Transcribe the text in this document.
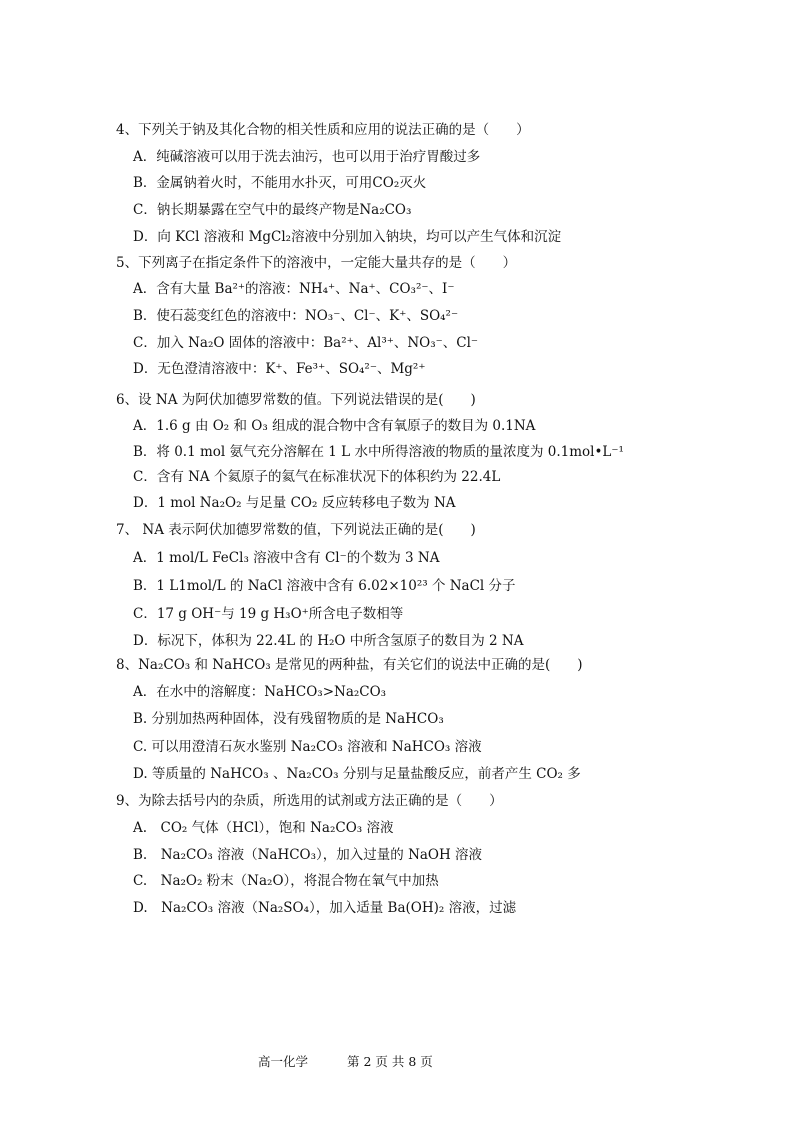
4、下列关于钠及其化合物的相关性质和应用的说法正确的是（　　）
A．纯碱溶液可以用于洗去油污，也可以用于治疗胃酸过多
B．金属钠着火时，不能用水扑灭，可用CO₂灭火
C．钠长期暴露在空气中的最终产物是Na₂CO₃
D．向 KCl 溶液和 MgCl₂溶液中分别加入钠块，均可以产生气体和沉淀
5、下列离子在指定条件下的溶液中，一定能大量共存的是（　　）
A．含有大量 Ba²⁺的溶液：NH₄⁺、Na⁺、CO₃²⁻、I⁻
B．使石蕊变红色的溶液中：NO₃⁻、Cl⁻、K⁺、SO₄²⁻
C．加入 Na₂O 固体的溶液中：Ba²⁺、Al³⁺、NO₃⁻、Cl⁻
D．无色澄清溶液中：K⁺、Fe³⁺、SO₄²⁻、Mg²⁺
6、设 NA 为阿伏加德罗常数的值。下列说法错误的是(　　)
A．1.6 g 由 O₂ 和 O₃ 组成的混合物中含有氧原子的数目为 0.1NA
B．将 0.1 mol 氨气充分溶解在 1 L 水中所得溶液的物质的量浓度为 0.1mol•L⁻¹
C．含有 NA 个氦原子的氦气在标准状况下的体积约为 22.4L
D．1 mol Na₂O₂ 与足量 CO₂ 反应转移电子数为 NA
7、 NA 表示阿伏加德罗常数的值，下列说法正确的是(　　)
A．1 mol/L FeCl₃ 溶液中含有 Cl⁻的个数为 3 NA
B．1 L1mol/L 的 NaCl 溶液中含有 6.02×10²³ 个 NaCl 分子
C．17 g OH⁻与 19 g H₃O⁺所含电子数相等
D．标况下，体积为 22.4L 的 H₂O 中所含氢原子的数目为 2 NA
8、Na₂CO₃ 和 NaHCO₃ 是常见的两种盐，有关它们的说法中正确的是(　　)
A．在水中的溶解度：NaHCO₃>Na₂CO₃
B. 分别加热两种固体，没有残留物质的是 NaHCO₃
C. 可以用澄清石灰水鉴别 Na₂CO₃ 溶液和 NaHCO₃ 溶液
D. 等质量的 NaHCO₃ 、Na₂CO₃ 分别与足量盐酸反应，前者产生 CO₂ 多
9、为除去括号内的杂质，所选用的试剂或方法正确的是（　　）
A.　CO₂ 气体（HCl），饱和 Na₂CO₃ 溶液
B.　Na₂CO₃ 溶液（NaHCO₃），加入过量的 NaOH 溶液
C.　Na₂O₂ 粉末（Na₂O），将混合物在氧气中加热
D.　Na₂CO₃ 溶液（Na₂SO₄），加入适量 Ba(OH)₂ 溶液，过滤
高一化学	第 2 页 共 8 页
